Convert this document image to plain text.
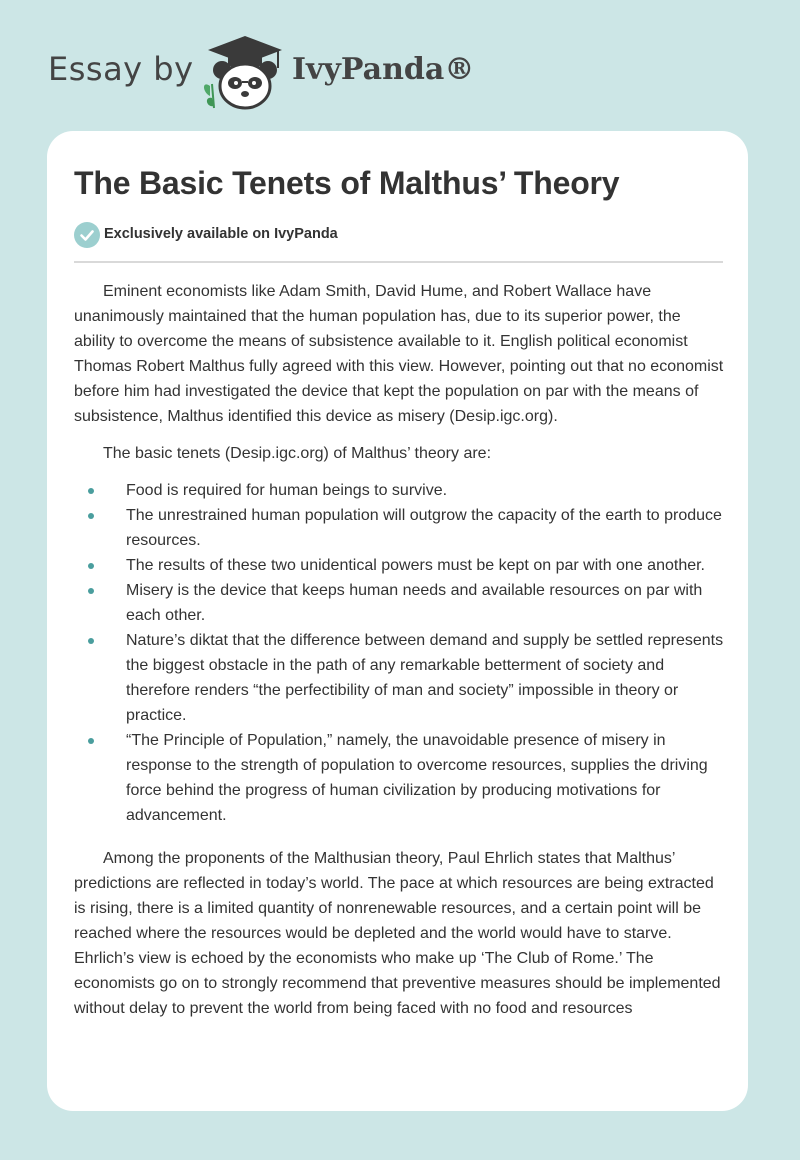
Essay by	IvyPanda®
The Basic Tenets of Malthus’ Theory
Exclusively available on IvyPanda

Eminent economists like Adam Smith, David Hume, and Robert Wallace have unanimously maintained that the human population has, due to its superior power, the ability to overcome the means of subsistence available to it. English political economist Thomas Robert Malthus fully agreed with this view. However, pointing out that no economist before him had investigated the device that kept the population on par with the means of subsistence, Malthus identified this device as misery (Desip.igc.org).

The basic tenets (Desip.igc.org) of Malthus’ theory are:

Food is required for human beings to survive.
The unrestrained human population will outgrow the capacity of the earth to produce resources.
The results of these two unidentical powers must be kept on par with one another.
Misery is the device that keeps human needs and available resources on par with each other.
Nature’s diktat that the difference between demand and supply be settled represents the biggest obstacle in the path of any remarkable betterment of society and therefore renders “the perfectibility of man and society” impossible in theory or practice.
“The Principle of Population,” namely, the unavoidable presence of misery in response to the strength of population to overcome resources, supplies the driving force behind the progress of human civilization by producing motivations for advancement.

Among the proponents of the Malthusian theory, Paul Ehrlich states that Malthus’ predictions are reflected in today’s world. The pace at which resources are being extracted is rising, there is a limited quantity of nonrenewable resources, and a certain point will be reached where the resources would be depleted and the world would have to starve. Ehrlich’s view is echoed by the economists who make up ‘The Club of Rome.’ The economists go on to strongly recommend that preventive measures should be implemented without delay to prevent the world from being faced with no food and resources
